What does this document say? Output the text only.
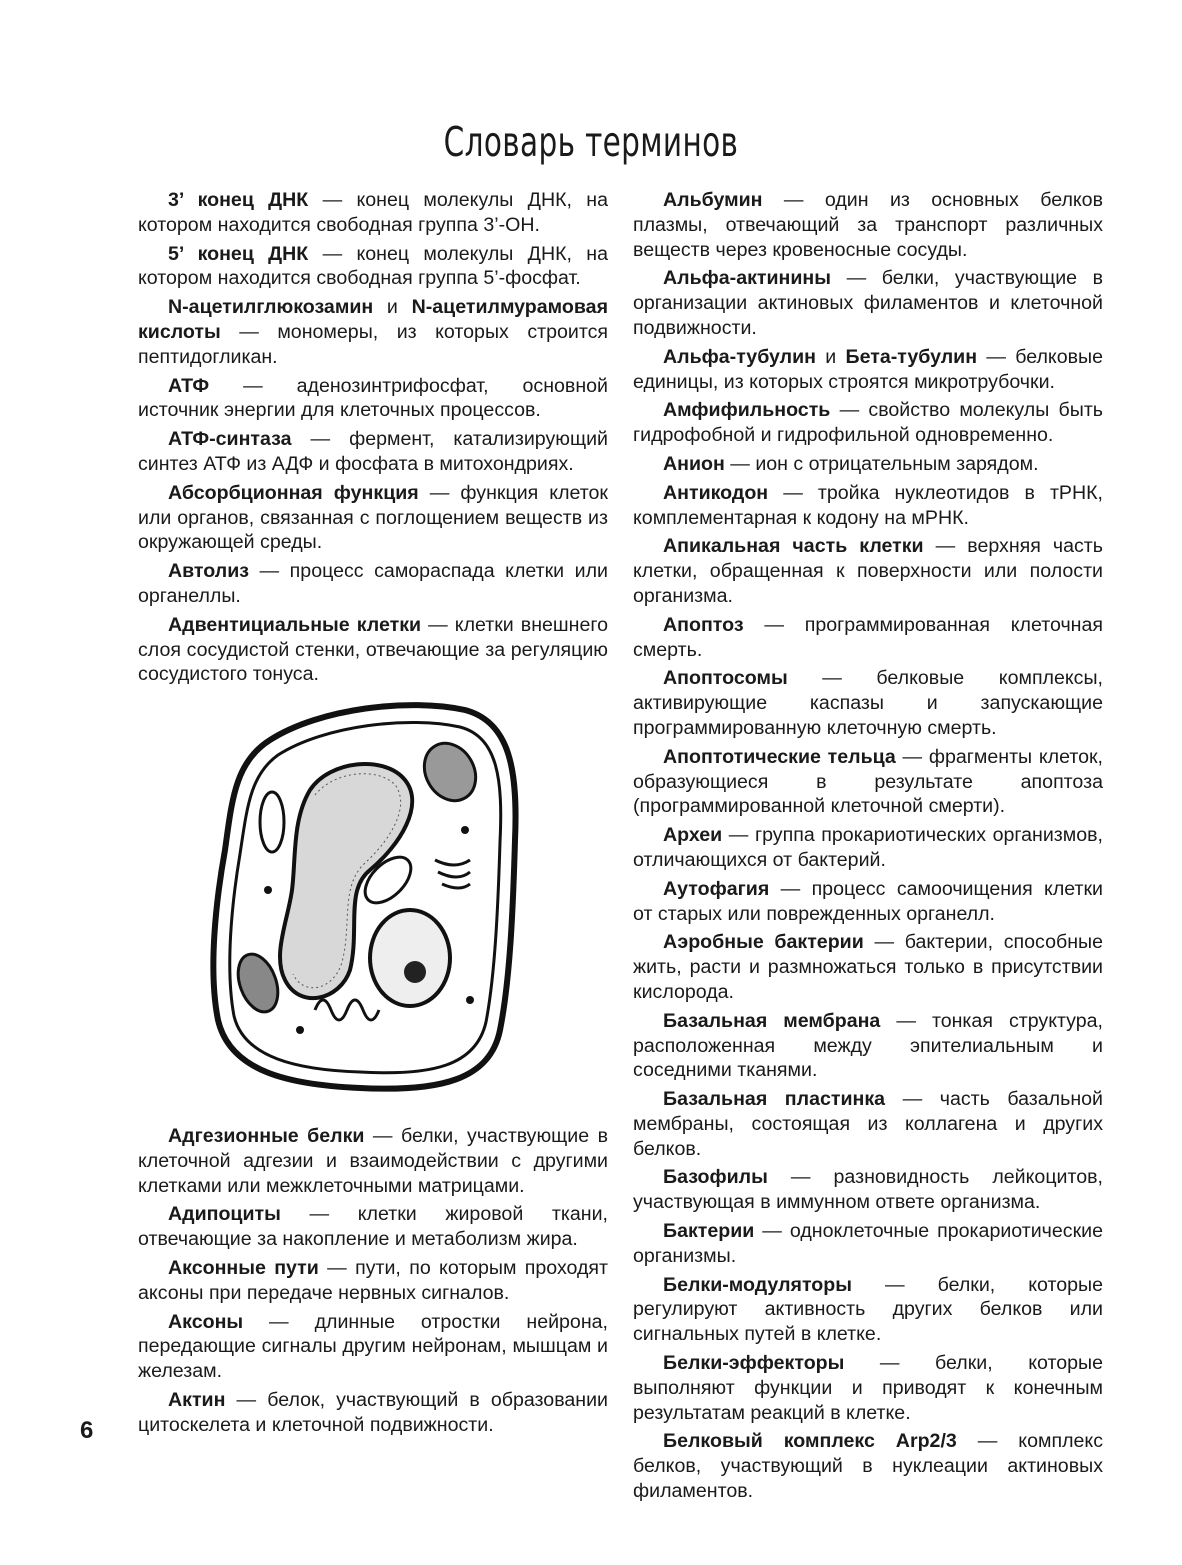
Словарь терминов

3’ конец ДНК — конец молекулы ДНК, на котором находится свободная группа 3’-ОН.

5’ конец ДНК — конец молекулы ДНК, на котором находится свободная группа 5’-фосфат.

N-ацетилглюкозамин и N-ацетилмурамовая кислоты — мономеры, из которых строится пептидогликан.

АТФ — аденозинтрифосфат, основной источник энергии для клеточных процессов.

АТФ-синтаза — фермент, катализирующий синтез АТФ из АДФ и фосфата в митохондриях.

Абсорбционная функция — функция клеток или органов, связанная с поглощением веществ из окружающей среды.

Автолиз — процесс самораспада клетки или органеллы.

Адвентициальные клетки — клетки внешнего слоя сосудистой стенки, отвечающие за регуляцию сосудистого тонуса.

Адгезионные белки — белки, участвующие в клеточной адгезии и взаимодействии с другими клетками или межклеточными матрицами.

Адипоциты — клетки жировой ткани, отвечающие за накопление и метаболизм жира.

Аксонные пути — пути, по которым проходят аксоны при передаче нервных сигналов.

Аксоны — длинные отростки нейрона, передающие сигналы другим нейронам, мышцам и железам.

Актин — белок, участвующий в образовании цитоскелета и клеточной подвижности.

Альбумин — один из основных белков плазмы, отвечающий за транспорт различных веществ через кровеносные сосуды.

Альфа-актинины — белки, участвующие в организации актиновых филаментов и клеточной подвижности.

Альфа-тубулин и Бета-тубулин — белковые единицы, из которых строятся микротрубочки.

Амфифильность — свойство молекулы быть гидрофобной и гидрофильной одновременно.

Анион — ион с отрицательным зарядом.

Антикодон — тройка нуклеотидов в тРНК, комплементарная к кодону на мРНК.

Апикальная часть клетки — верхняя часть клетки, обращенная к поверхности или полости организма.

Апоптоз — программированная клеточная смерть.

Апоптосомы — белковые комплексы, активирующие каспазы и запускающие программированную клеточную смерть.

Апоптотические тельца — фрагменты клеток, образующиеся в результате апоптоза (программированной клеточной смерти).

Археи — группа прокариотических организмов, отличающихся от бактерий.

Аутофагия — процесс самоочищения клетки от старых или поврежденных органелл.

Аэробные бактерии — бактерии, способные жить, расти и размножаться только в присутствии кислорода.

Базальная мембрана — тонкая структура, расположенная между эпителиальным и соседними тканями.

Базальная пластинка — часть базальной мембраны, состоящая из коллагена и других белков.

Базофилы — разновидность лейкоцитов, участвующая в иммунном ответе организма.

Бактерии — одноклеточные прокариотические организмы.

Белки-модуляторы — белки, которые регулируют активность других белков или сигнальных путей в клетке.

Белки-эффекторы — белки, которые выполняют функции и приводят к конечным результатам реакций в клетке.

Белковый комплекс Arp2/3 — комплекс белков, участвующий в нуклеации актиновых филаментов.

6
